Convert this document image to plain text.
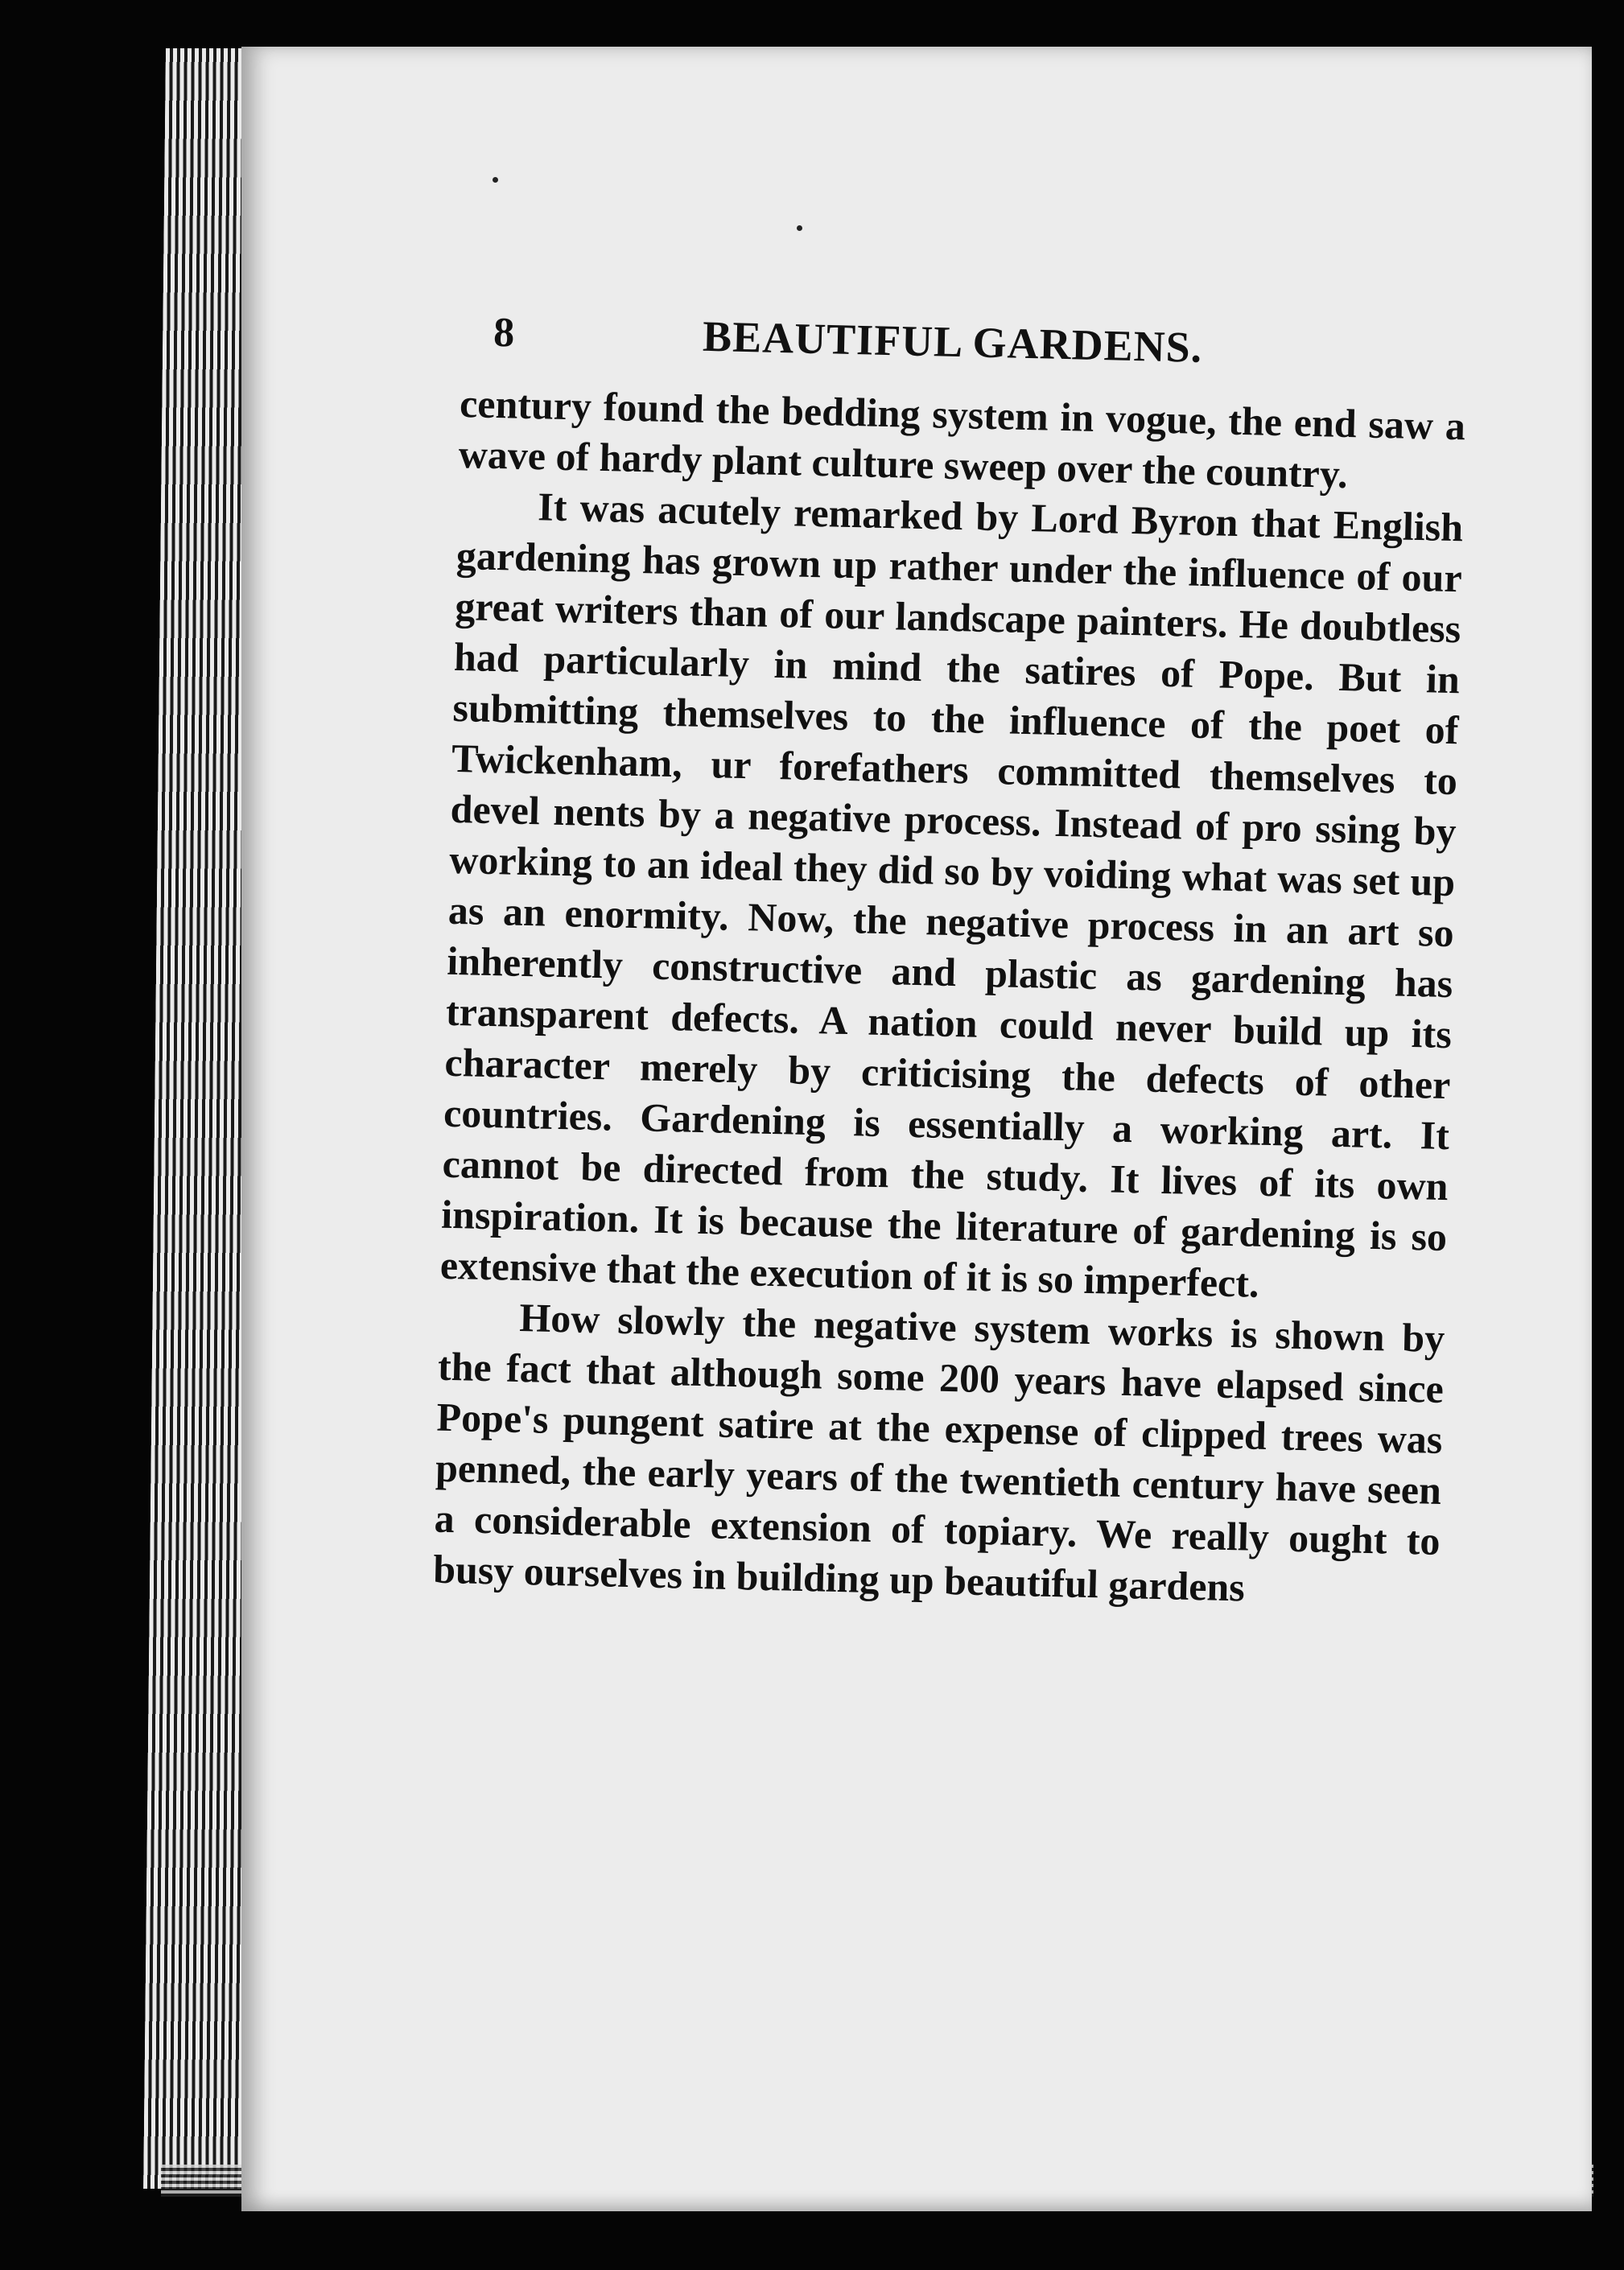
8	BEAUTIFUL GARDENS.

century found the bedding system in vogue, the end saw a wave of hardy plant culture sweep over the country.

It was acutely remarked by Lord Byron that English gardening has grown up rather under the influence of our great writers than of our landscape painters. He doubtless had particularly in mind the satires of Pope. But in submitting themselves to the influence of the poet of Twickenham, ur forefathers committed themselves to devel nents by a negative process. Instead of pro ssing by working to an ideal they did so by voiding what was set up as an enormity. Now, the negative process in an art so inherently constructive and plastic as gardening has transparent defects. A nation could never build up its character merely by criticising the defects of other countries. Gardening is essentially a working art. It cannot be directed from the study. It lives of its own inspiration. It is because the literature of gardening is so extensive that the execution of it is so imperfect.

How slowly the negative system works is shown by the fact that although some 200 years have elapsed since Pope's pungent satire at the expense of clipped trees was penned, the early years of the twentieth century have seen a considerable extension of topiary. We really ought to busy ourselves in building up beautiful gardens
